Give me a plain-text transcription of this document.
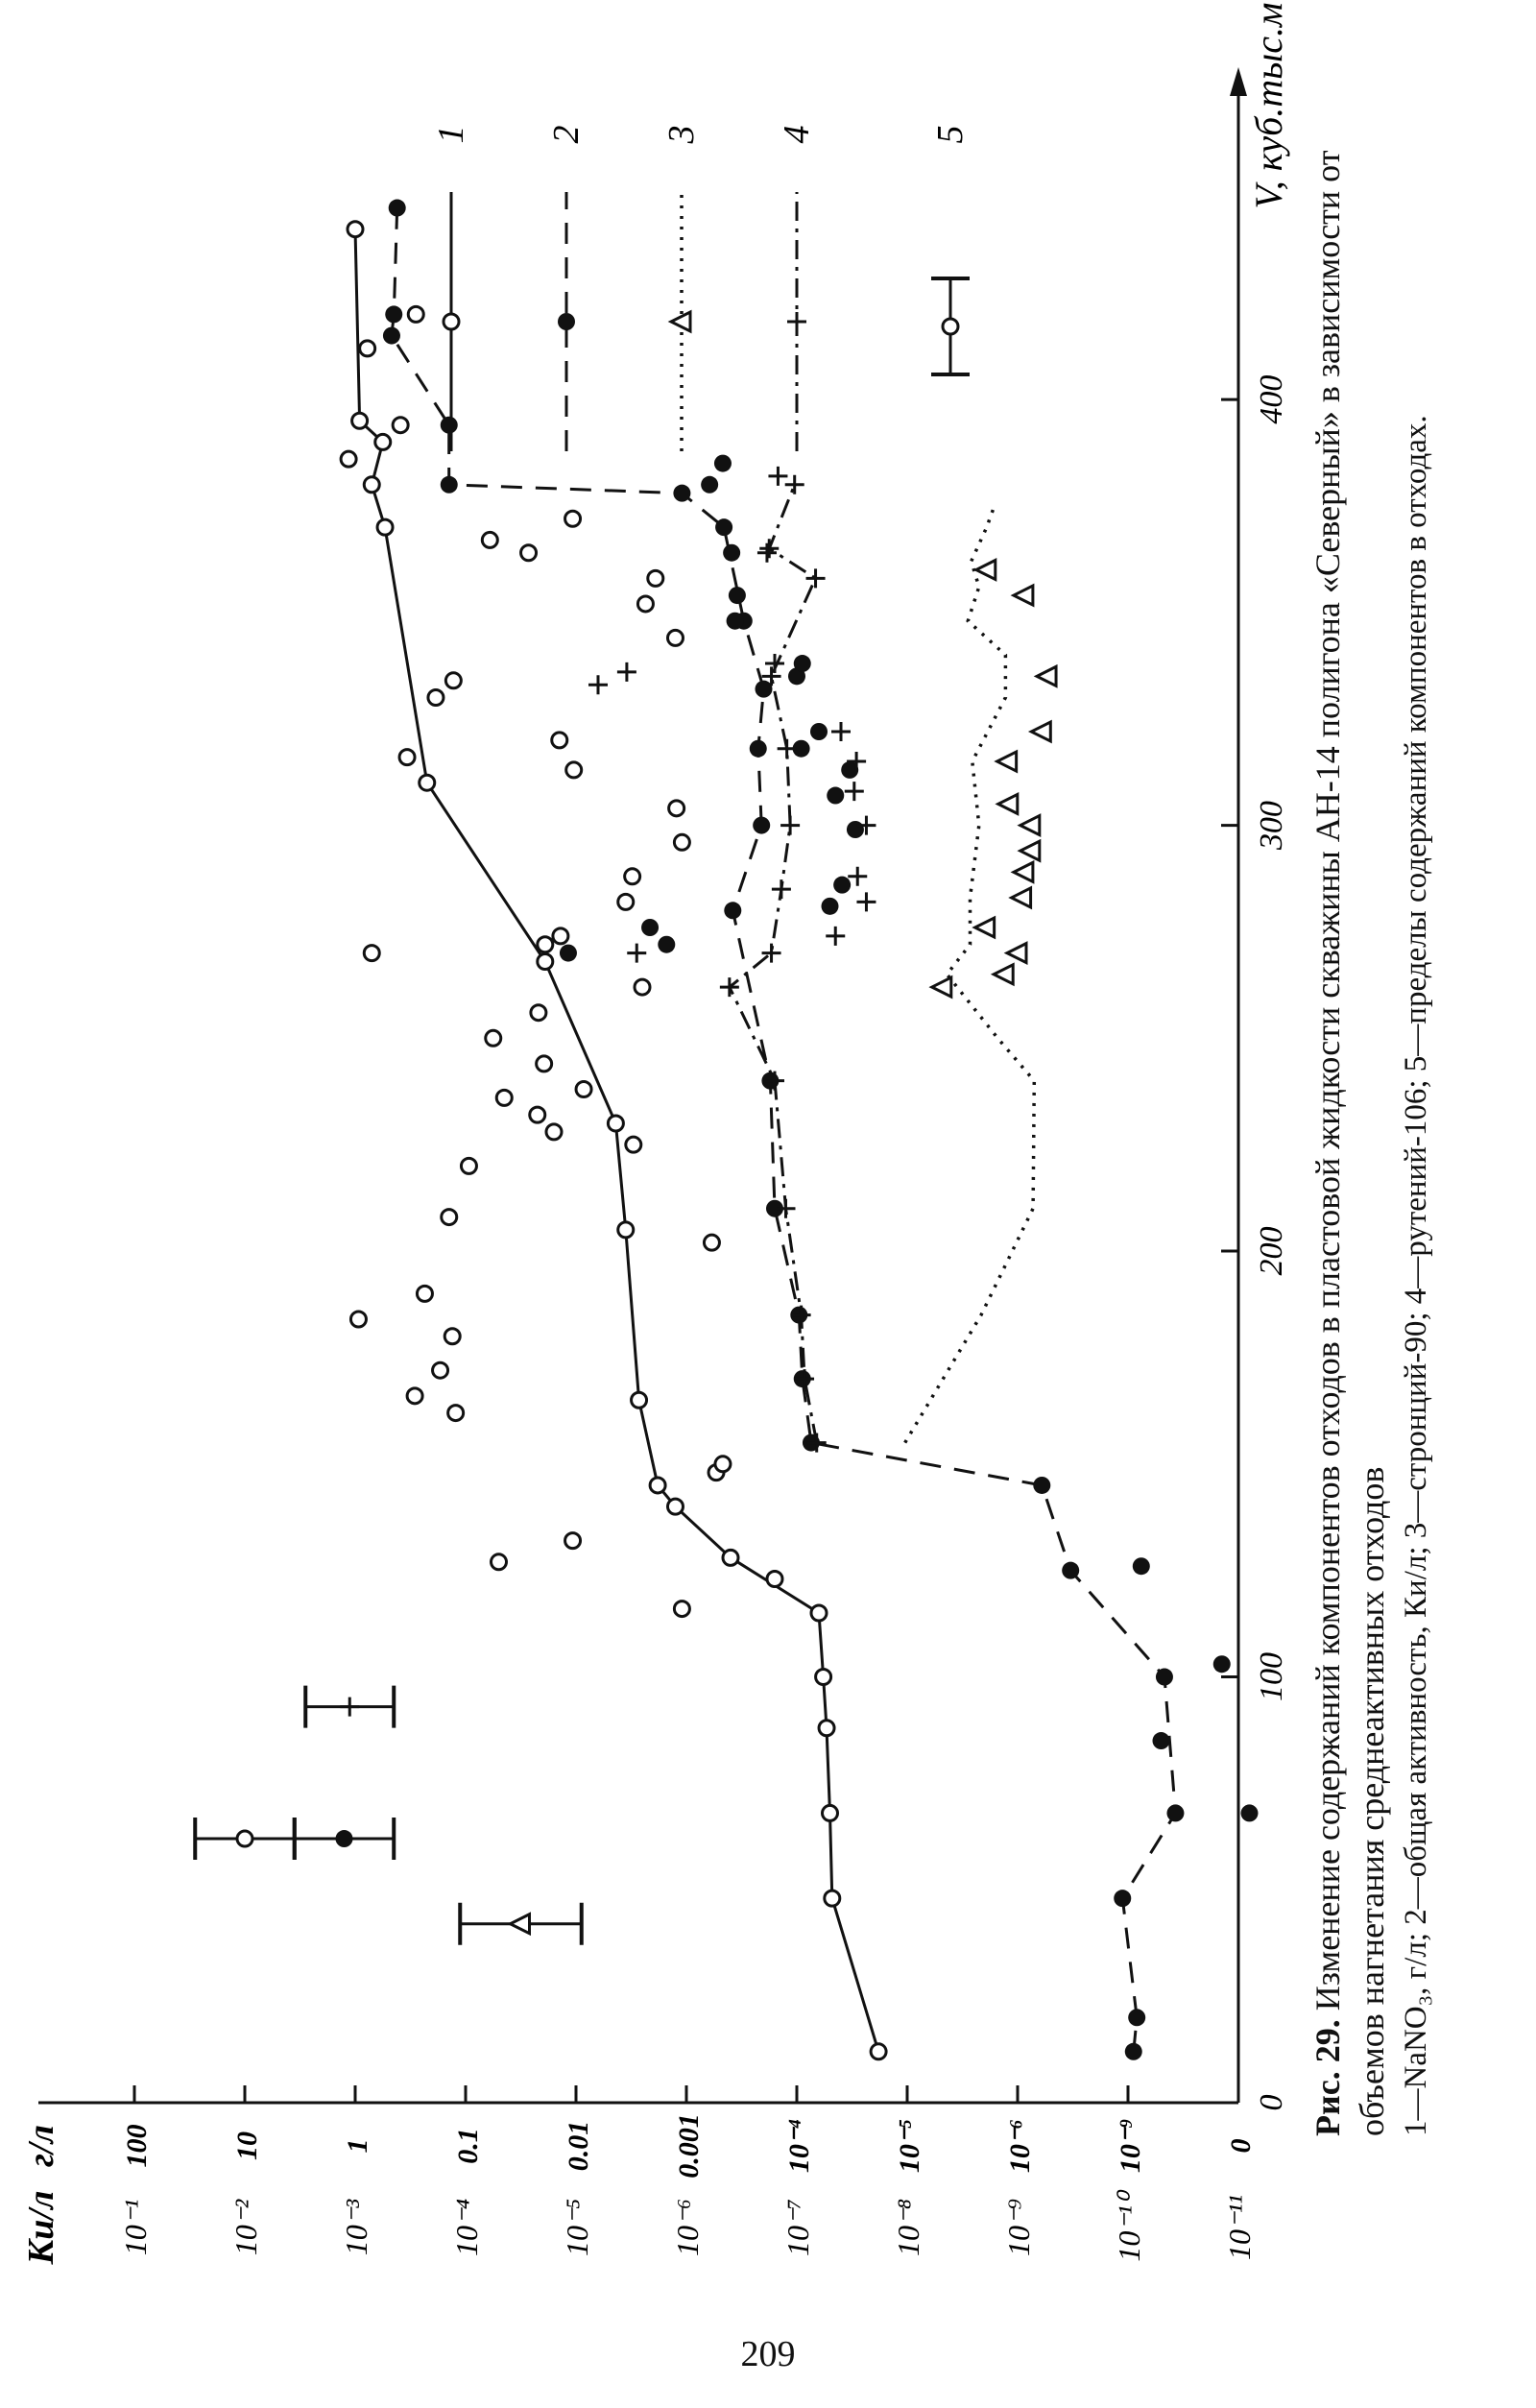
209
0
100
200
300
400
10⁻¹
100
10⁻²
10
10⁻³
1
10⁻⁴
0.1
10⁻⁵
0.01
10⁻⁶
0.001
10⁻⁷
10⁻⁴
10⁻⁸
10⁻⁵
10⁻⁹
10⁻⁶
10⁻¹⁰
10⁻⁹
10⁻¹¹
0
Ки/л
г/л
V, куб.тыс.м
1 2 3 4	5
Рис. 29. Изменение содержаний компонентов отходов в пластовой жидкости скважины АН-14 полигона «Северный» в зависимости от объемов нагнетания среднеактивных отходов 1—NaNO₃, г/л; 2—общая активность, Ки/л; 3—стронций-90; 4—рутений-106; 5—пределы содержаний компонентов в отходах.
